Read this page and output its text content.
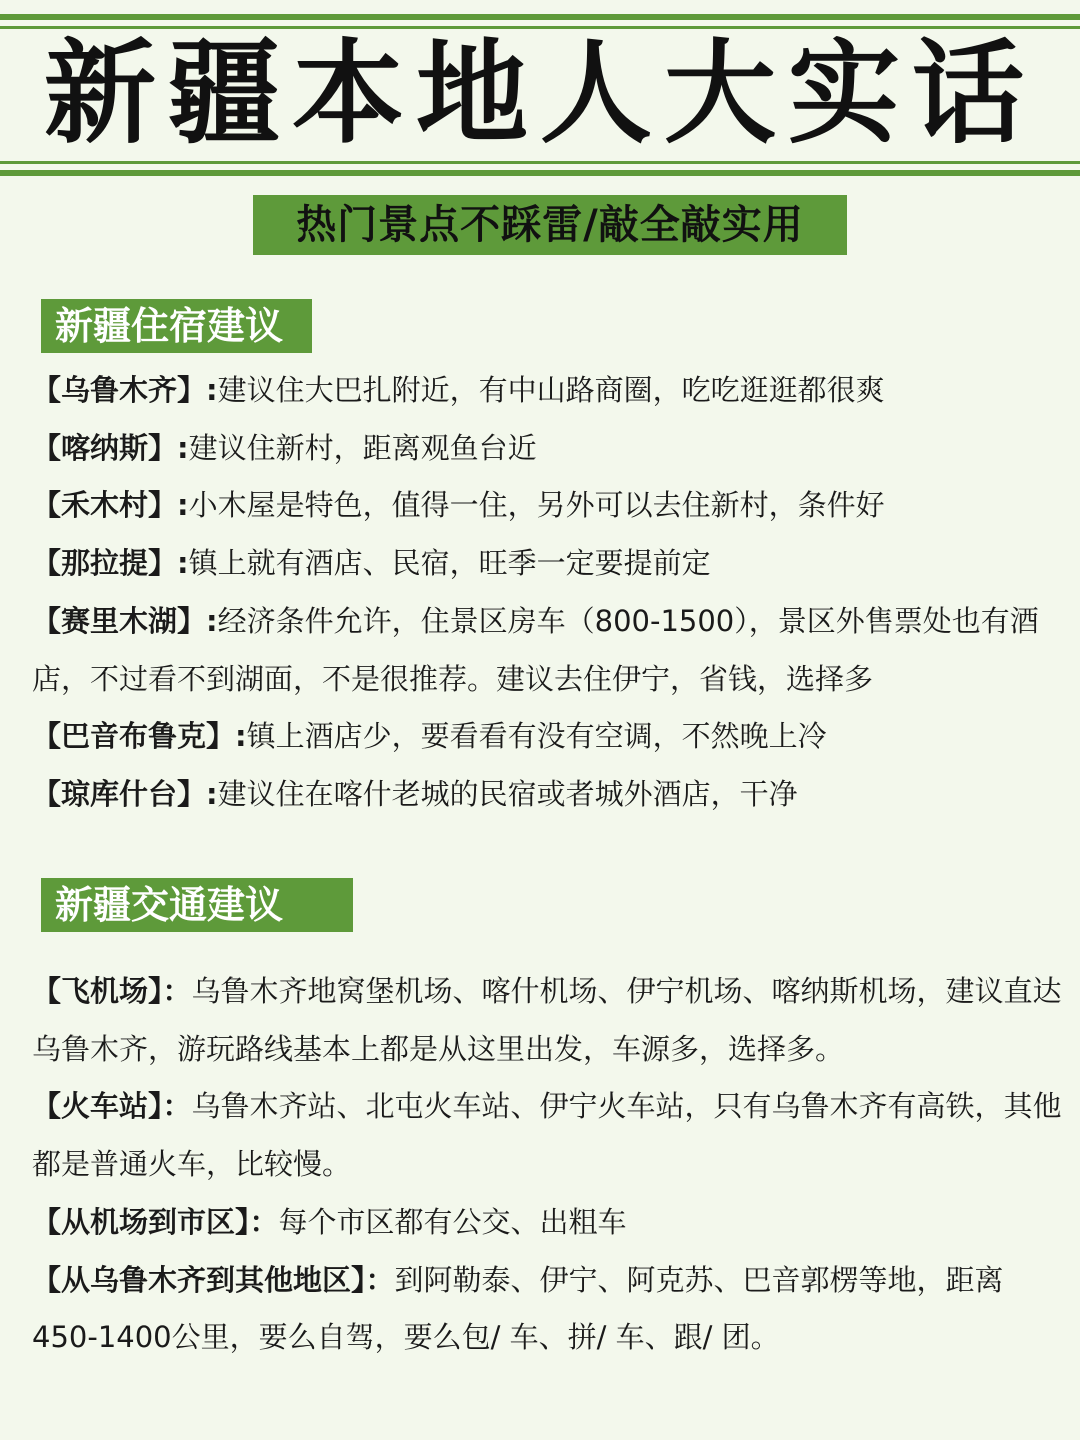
新疆本地人大实话
热门景点不踩雷/敲全敲实用
新疆住宿建议

【乌鲁木齐】:建议住大巴扎附近，有中山路商圈，吃吃逛逛都很爽

【喀纳斯】:建议住新村，距离观鱼台近

【禾木村】:小木屋是特色，值得一住，另外可以去住新村，条件好

【那拉提】:镇上就有酒店、民宿，旺季一定要提前定

【赛里木湖】:经济条件允许，住景区房车（800-1500），景区外售票处也有酒店，不过看不到湖面，不是很推荐。建议去住伊宁，省钱，选择多

【巴音布鲁克】:镇上酒店少，要看看有没有空调，不然晚上冷

【琼库什台】:建议住在喀什老城的民宿或者城外酒店，干净

新疆交通建议

【飞机场】：乌鲁木齐地窝堡机场、喀什机场、伊宁机场、喀纳斯机场，建议直达乌鲁木齐，游玩路线基本上都是从这里出发，车源多，选择多。

【火车站】：乌鲁木齐站、北屯火车站、伊宁火车站，只有乌鲁木齐有高铁，其他都是普通火车，比较慢。

【从机场到市区】：每个市区都有公交、出粗车

【从乌鲁木齐到其他地区】：到阿勒泰、伊宁、阿克苏、巴音郭楞等地，距离450-1400公里，要么自驾，要么包/ 车、拼/ 车、跟/ 团。
